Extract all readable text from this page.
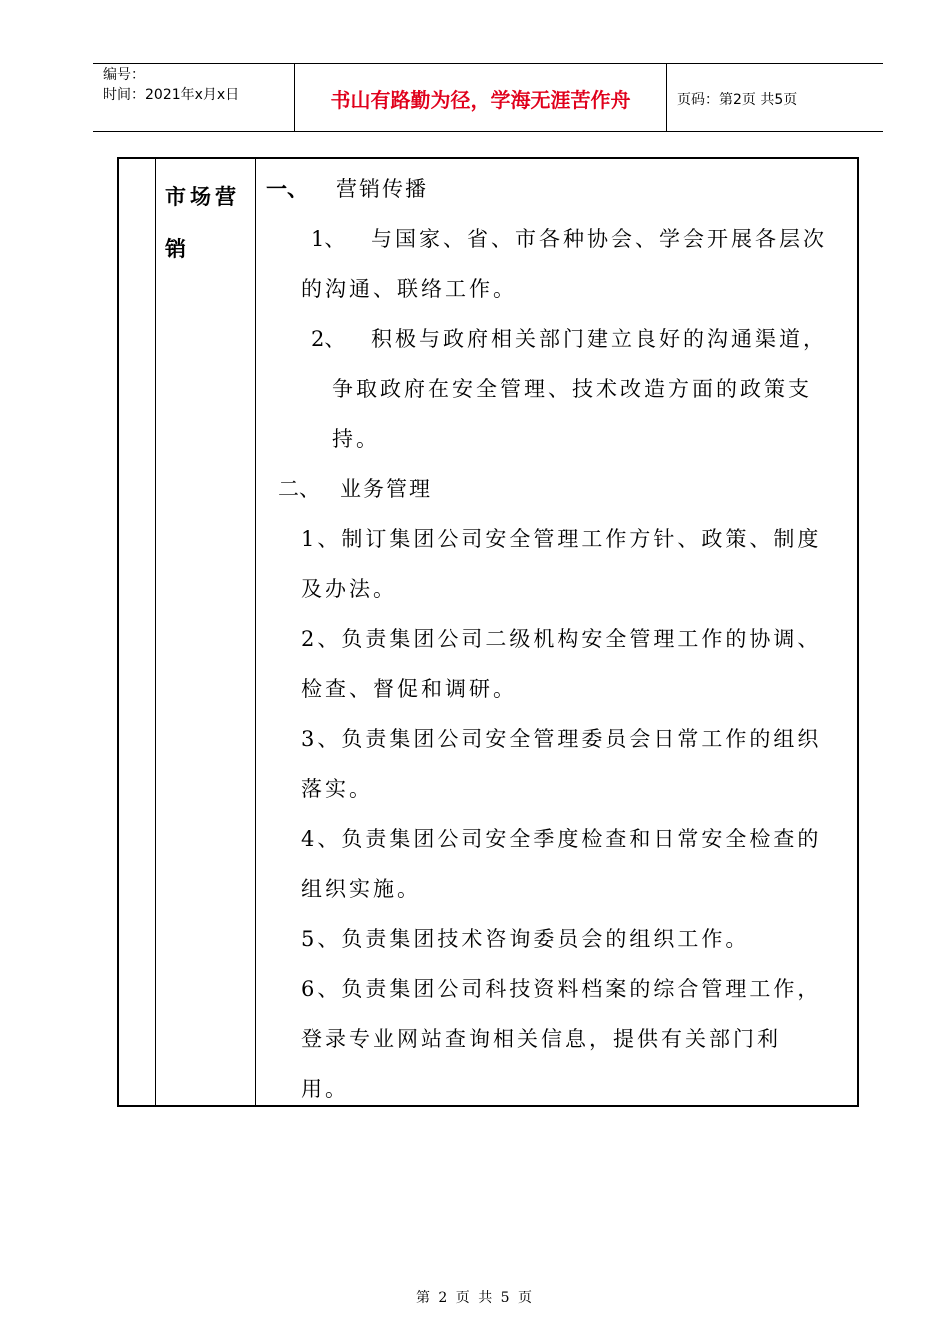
编号：
时间：2021年x月x日	书山有路勤为径，学海无涯苦作舟	页码：第2页 共5页
市场营销

一、 营销传播

1、 与国家、省、市各种协会、学会开展各层次

的沟通、联络工作。

2、 积极与政府相关部门建立良好的沟通渠道，

争取政府在安全管理、技术改造方面的政策支

持。

二、 业务管理

1、制订集团公司安全管理工作方针、政策、制度

及办法。

2、负责集团公司二级机构安全管理工作的协调、

检查、督促和调研。

3、负责集团公司安全管理委员会日常工作的组织

落实。

4、负责集团公司安全季度检查和日常安全检查的

组织实施。

5、负责集团技术咨询委员会的组织工作。

6、负责集团公司科技资料档案的综合管理工作，

登录专业网站查询相关信息，提供有关部门利

用。

第 2 页 共 5 页
